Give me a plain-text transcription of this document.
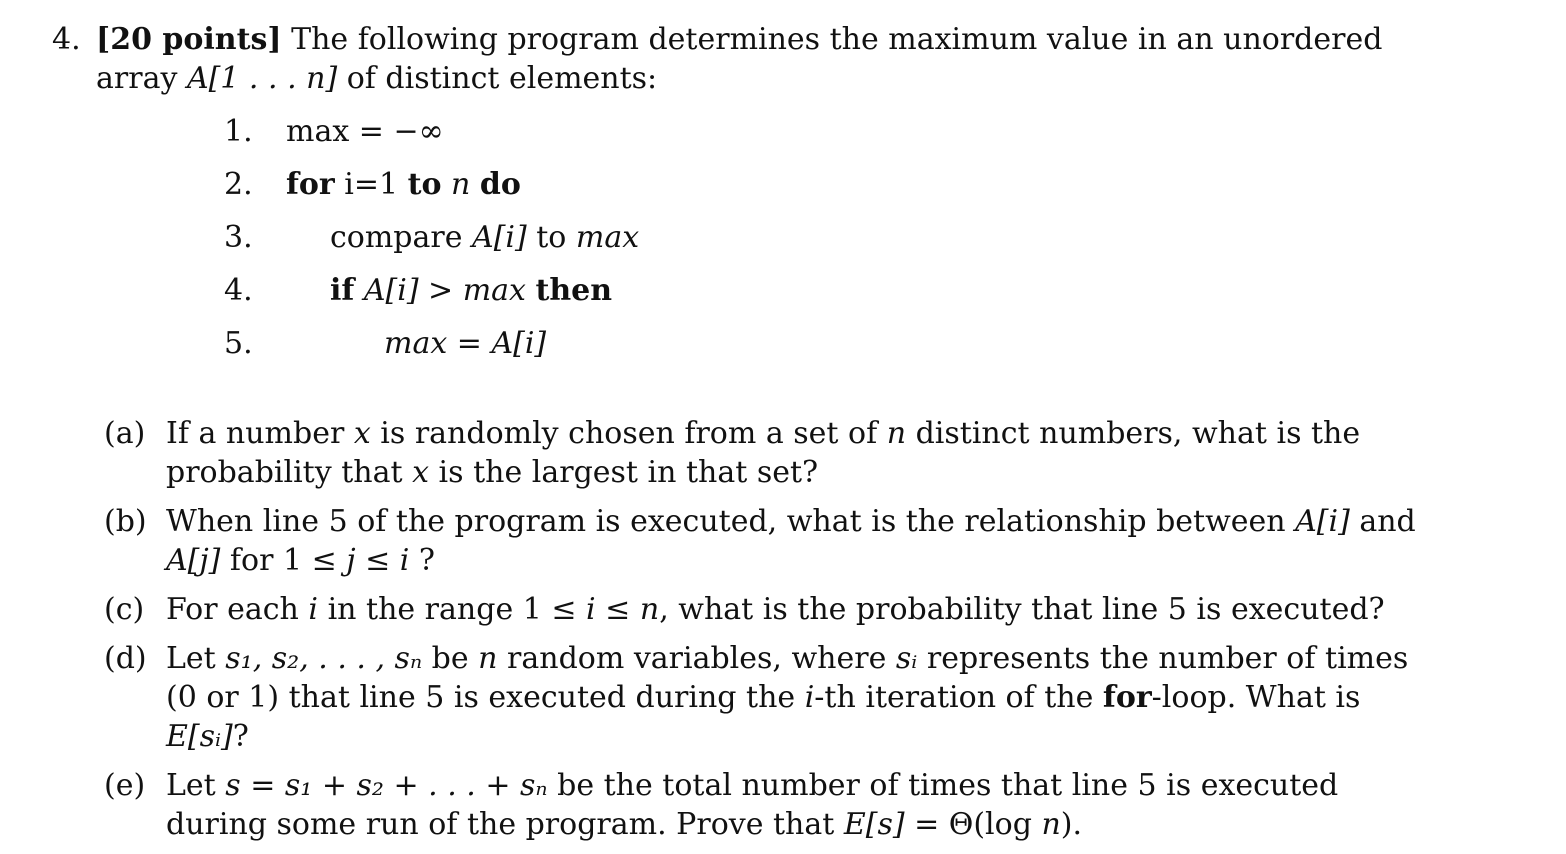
4. [20 points] The following program determines the maximum value in an unordered array A[1 . . . n] of distinct elements:
1.	max = −∞
2.	for i=1 to n do
3.	compare A[i] to max
4.	if A[i] > max then
5.	max = A[i]
(a) If a number x is randomly chosen from a set of n distinct numbers, what is the probability that x is the largest in that set?
(b) When line 5 of the program is executed, what is the relationship between A[i] and A[j] for 1 ≤ j ≤ i ?
(c) For each i in the range 1 ≤ i ≤ n, what is the probability that line 5 is executed?
(d) Let s₁, s₂, . . . , sₙ be n random variables, where sᵢ represents the number of times (0 or 1) that line 5 is executed during the i-th iteration of the for-loop. What is E[sᵢ]?
(e) Let s = s₁ + s₂ + . . . + sₙ be the total number of times that line 5 is executed during some run of the program. Prove that E[s] = Θ(log n).
